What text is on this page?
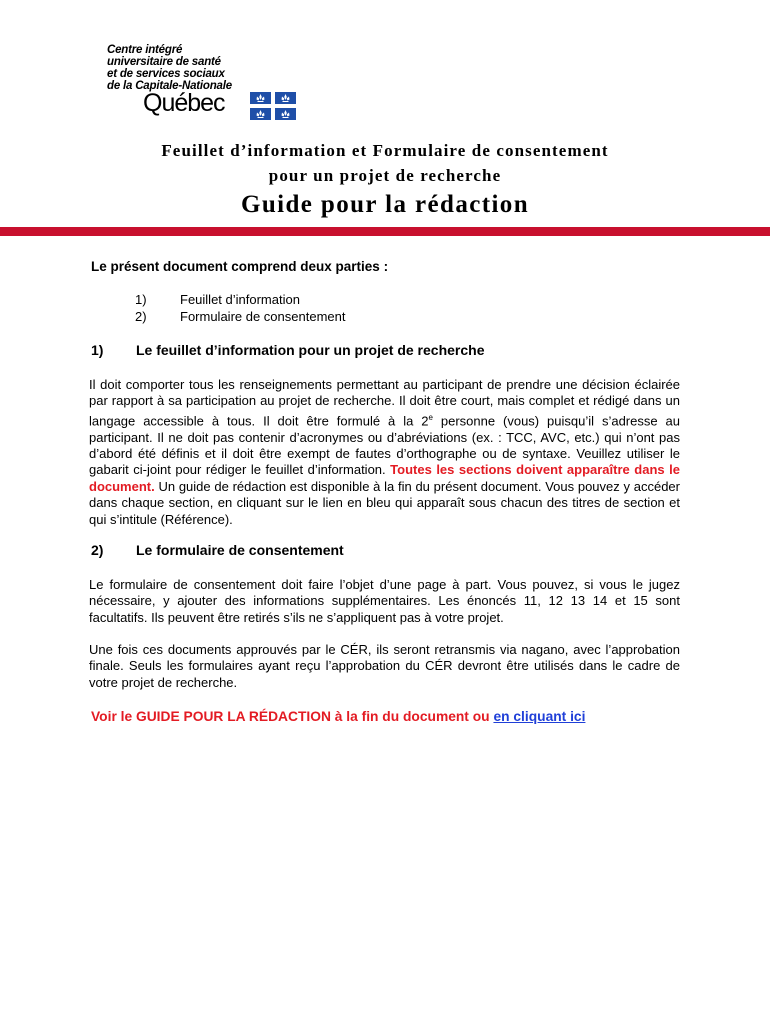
Centre intégré
universitaire de santé
et de services sociaux
de la Capitale-Nationale
Québec
Feuillet d’information et Formulaire de consentement
pour un projet de recherche
Guide pour la rédaction
Le présent document comprend deux parties :
1)	Feuillet d’information
2)	Formulaire de consentement
1) Le feuillet d’information pour un projet de recherche
Il doit comporter tous les renseignements permettant au participant de prendre une décision éclairée par rapport à sa participation au projet de recherche. Il doit être court, mais complet et rédigé dans un langage accessible à tous. Il doit être formulé à la 2e personne (vous) puisqu’il s’adresse au participant. Il ne doit pas contenir d’acronymes ou d’abréviations (ex. : TCC, AVC, etc.) qui n’ont pas d’abord été définis et il doit être exempt de fautes d’orthographe ou de syntaxe. Veuillez utiliser le gabarit ci-joint pour rédiger le feuillet d’information. Toutes les sections doivent apparaître dans le document. Un guide de rédaction est disponible à la fin du présent document. Vous pouvez y accéder dans chaque section, en cliquant sur le lien en bleu qui apparaît sous chacun des titres de section et qui s’intitule (Référence).
2) Le formulaire de consentement
Le formulaire de consentement doit faire l’objet d’une page à part. Vous pouvez, si vous le jugez nécessaire, y ajouter des informations supplémentaires. Les énoncés 11, 12 13 14 et 15 sont facultatifs. Ils peuvent être retirés s’ils ne s’appliquent pas à votre projet.
Une fois ces documents approuvés par le CÉR, ils seront retransmis via nagano, avec l’approbation finale. Seuls les formulaires ayant reçu l’approbation du CÉR devront être utilisés dans le cadre de votre projet de recherche.
Voir le GUIDE POUR LA RÉDACTION à la fin du document ou en cliquant ici
